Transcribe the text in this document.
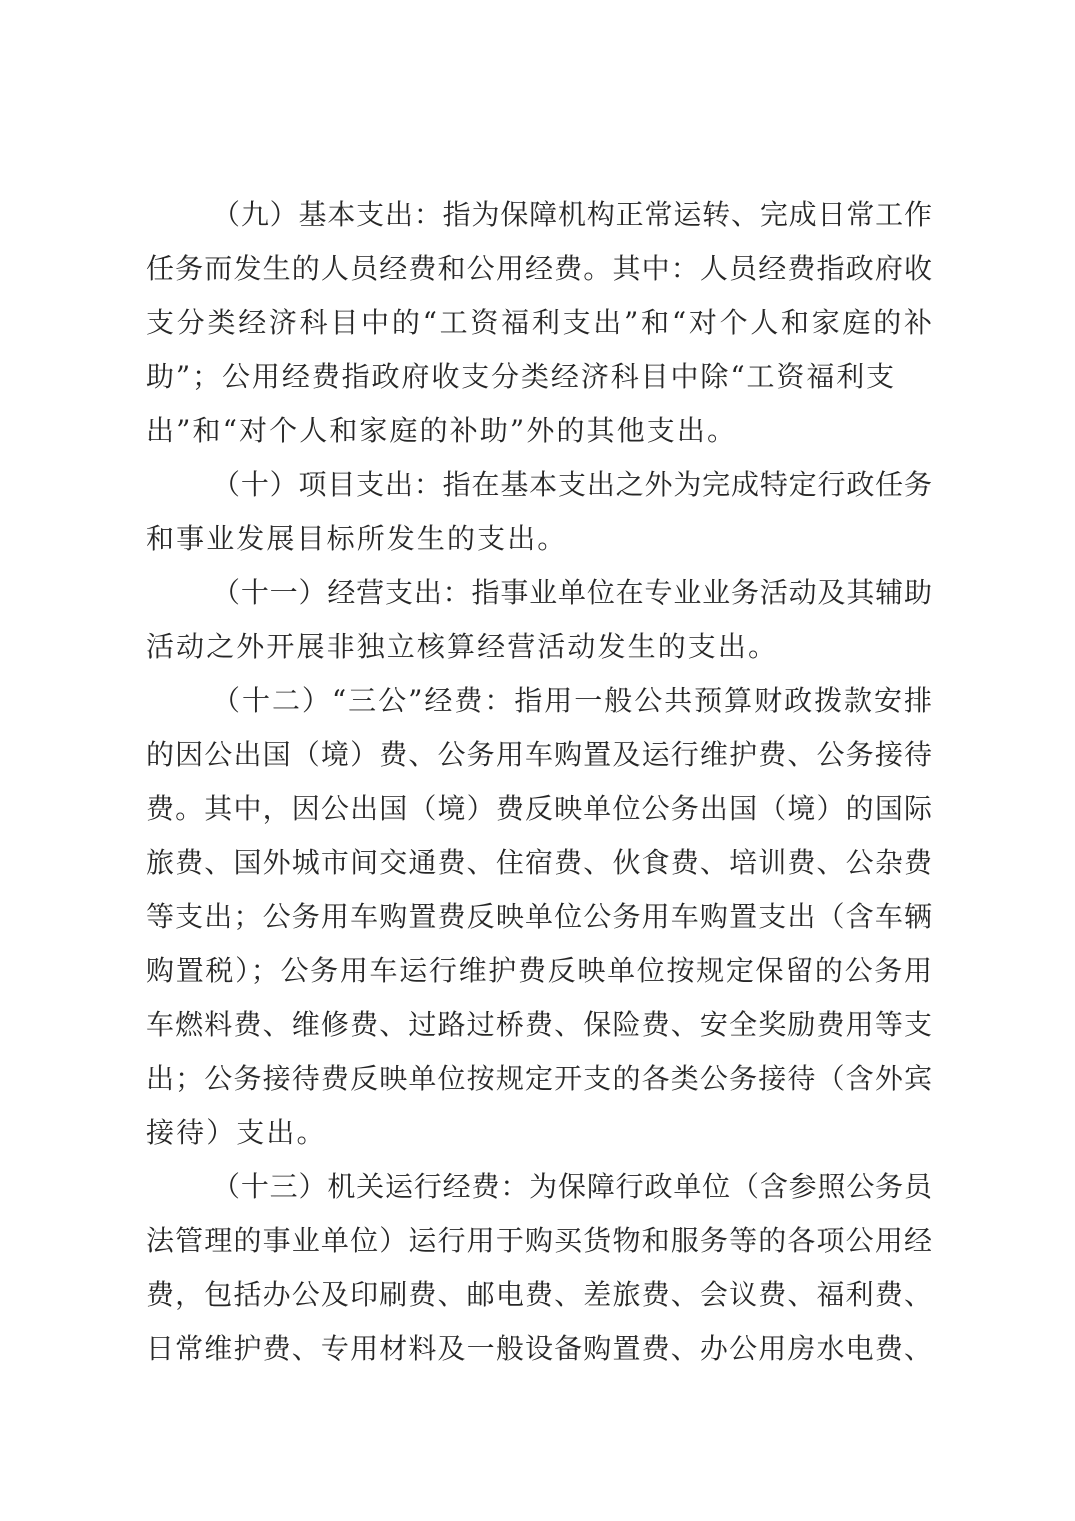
（九）基本支出：指为保障机构正常运转、完成日常工作
任务而发生的人员经费和公用经费。其中：人员经费指政府收
支分类经济科目中的“工资福利支出”和“对个人和家庭的补
助”；公用经费指政府收支分类经济科目中除“工资福利支
出”和“对个人和家庭的补助”外的其他支出。
（十）项目支出：指在基本支出之外为完成特定行政任务
和事业发展目标所发生的支出。
（十一）经营支出：指事业单位在专业业务活动及其辅助
活动之外开展非独立核算经营活动发生的支出。
（十二）“三公”经费：指用一般公共预算财政拨款安排
的因公出国（境）费、公务用车购置及运行维护费、公务接待
费。其中，因公出国（境）费反映单位公务出国（境）的国际
旅费、国外城市间交通费、住宿费、伙食费、培训费、公杂费
等支出；公务用车购置费反映单位公务用车购置支出（含车辆
购置税）；公务用车运行维护费反映单位按规定保留的公务用
车燃料费、维修费、过路过桥费、保险费、安全奖励费用等支
出；公务接待费反映单位按规定开支的各类公务接待（含外宾
接待）支出。
（十三）机关运行经费：为保障行政单位（含参照公务员
法管理的事业单位）运行用于购买货物和服务等的各项公用经
费，包括办公及印刷费、邮电费、差旅费、会议费、福利费、
日常维护费、专用材料及一般设备购置费、办公用房水电费、
